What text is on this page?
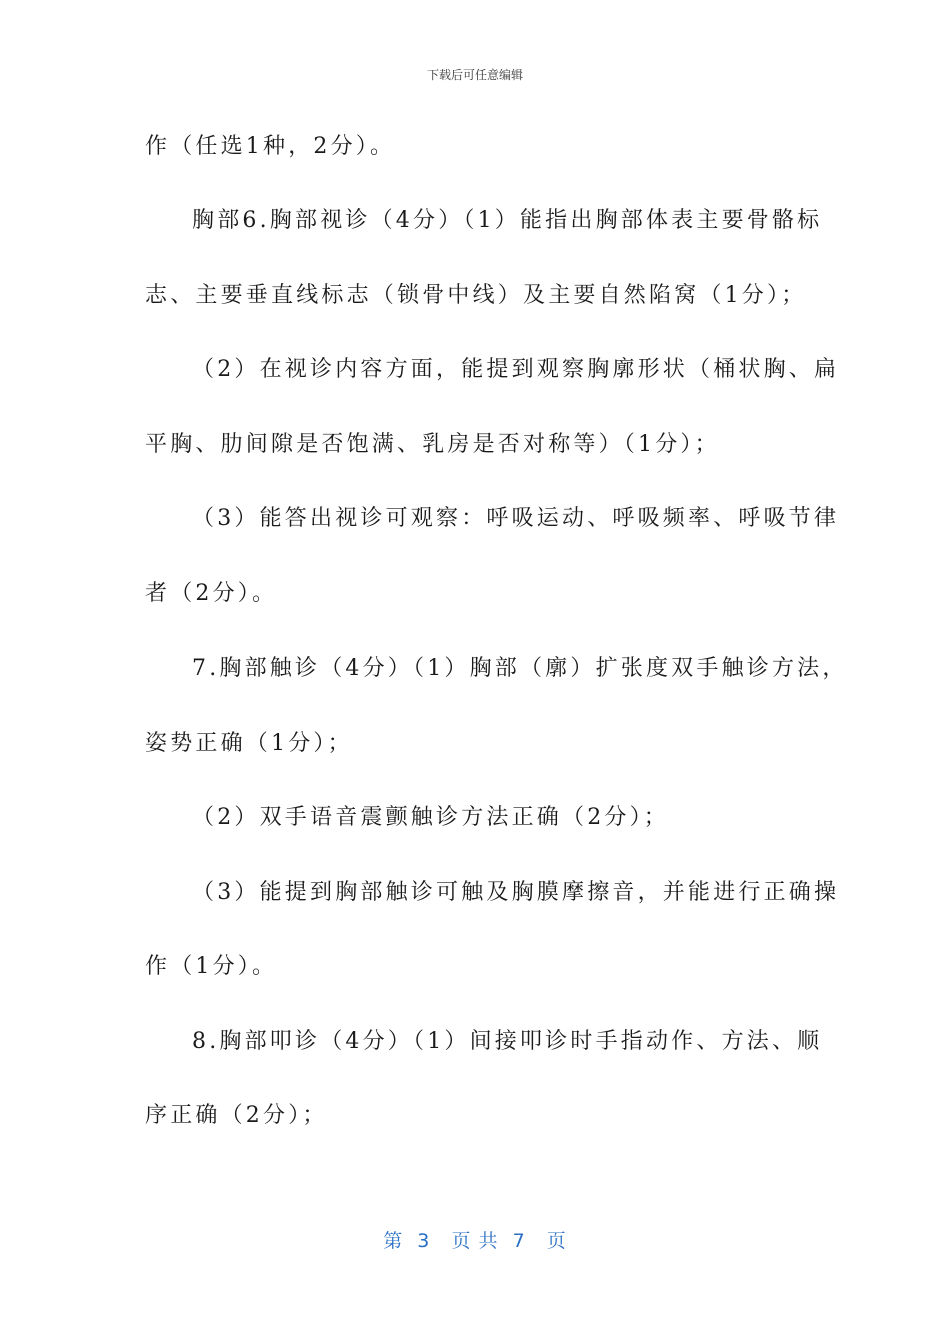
下载后可任意编辑
作（任选1种，2分）。
胸部6.胸部视诊（4分）（1）能指出胸部体表主要骨骼标
志、主要垂直线标志（锁骨中线）及主要自然陷窝（1分）；
（2）在视诊内容方面，能提到观察胸廓形状（桶状胸、扁
平胸、肋间隙是否饱满、乳房是否对称等）（1分）；
（3）能答出视诊可观察：呼吸运动、呼吸频率、呼吸节律
者（2分）。
7.胸部触诊（4分）（1）胸部（廓）扩张度双手触诊方法，
姿势正确（1分）；
（2）双手语音震颤触诊方法正确（2分）；
（3）能提到胸部触诊可触及胸膜摩擦音，并能进行正确操
作（1分）。
8.胸部叩诊（4分）（1）间接叩诊时手指动作、方法、顺
序正确（2分）；
第  3   页 共  7   页
